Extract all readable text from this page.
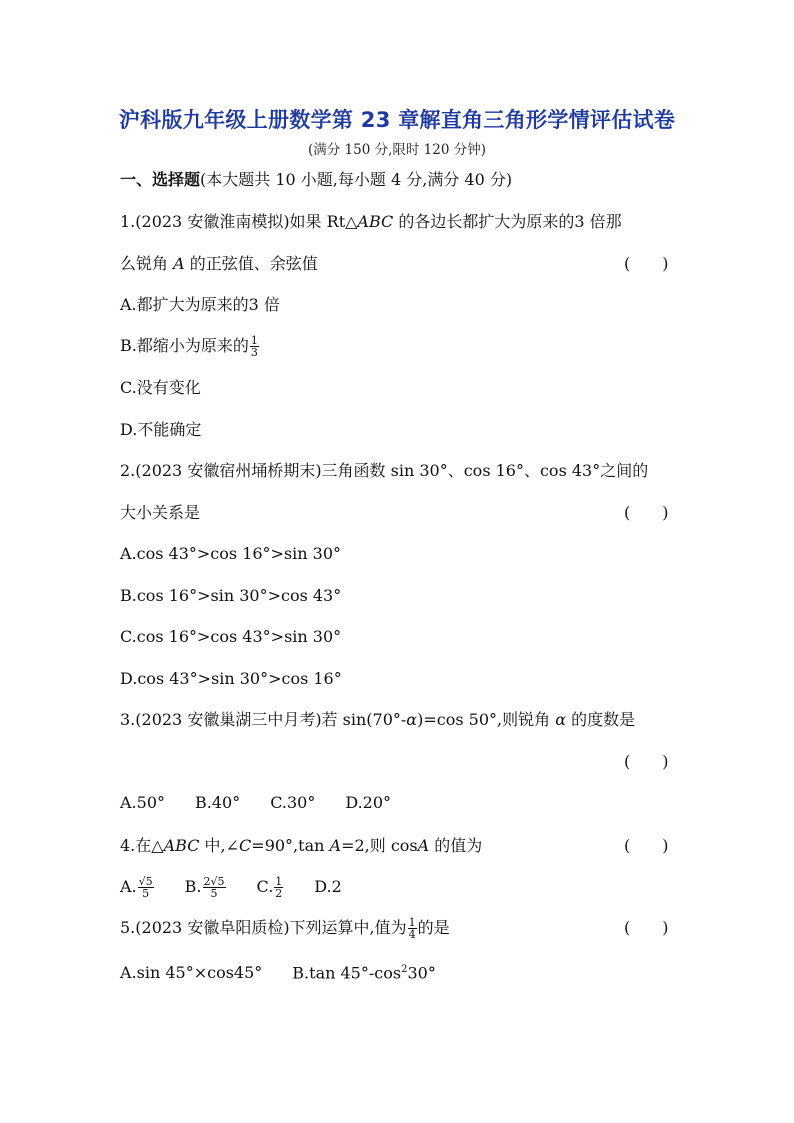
沪科版九年级上册数学第 23 章解直角三角形学情评估试卷
(满分 150 分,限时 120 分钟)
一、选择题(本大题共 10 小题,每小题 4 分,满分 40 分)
1.(2023 安徽淮南模拟)如果 Rt△ABC 的各边长都扩大为原来的3 倍那
么锐角 A 的正弦值、余弦值	(　　)
A.都扩大为原来的3 倍
B.都缩小为原来的 $\frac{1}{3}$
C.没有变化
D.不能确定
2.(2023 安徽宿州埇桥期末)三角函数 sin 30°、cos 16°、cos 43°之间的
大小关系是	(　　)
A.cos 43°>cos 16°>sin 30°
B.cos 16°>sin 30°>cos 43°
C.cos 16°>cos 43°>sin 30°
D.cos 43°>sin 30°>cos 16°
3.(2023 安徽巢湖三中月考)若 sin(70°-α)=cos 50°,则锐角 α 的度数是
(　　)
A.50° B.40° C.30° D.20°
4.在△ABC 中,∠C=90°,tan A=2,则 cosA 的值为	(　　)
A. $\frac{√5}{5} B$. $\frac{2√5}{5} C$. $\frac{1}{2} D.2$
5.(2023 安徽阜阳质检)下列运算中,值为 $\frac{1}{4}$ 的是	(　　)
A.sin 45°×cos45° B.tan $45^\circ-\cos^230^\circ$
